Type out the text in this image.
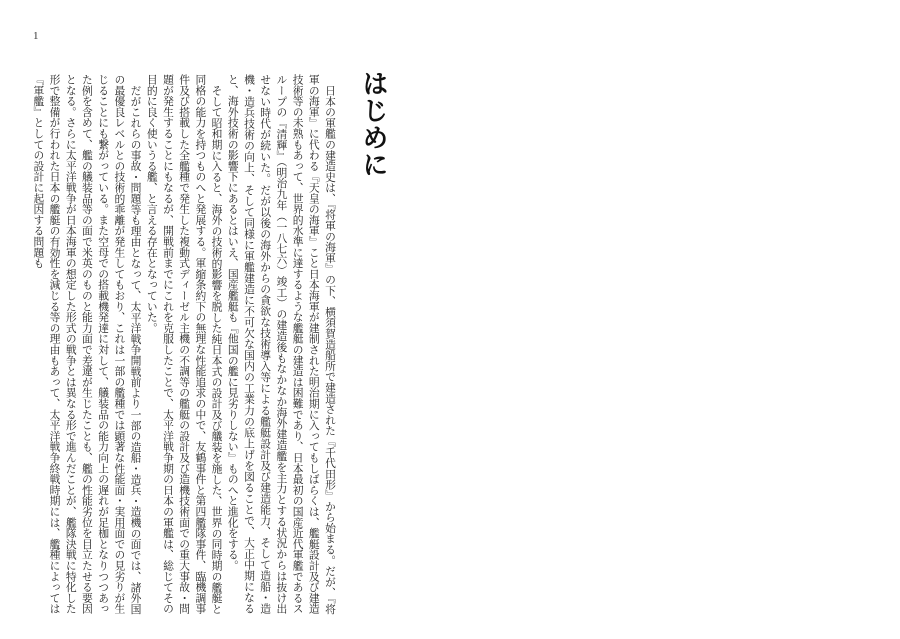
1
はじめに

日本の軍艦の建造史は、『将軍の海軍』の下、横須賀造船所で建造された『千代田形』から始まる。だが、『将軍の海軍』に代わる『天皇の海軍』こと日本海軍が建制された明治期に入ってもしばらくは、艦艇設計及び建造技術等の未熟もあって、世界的水準に達するような艦艇の建造は困難であり、日本最初の国産近代軍艦であるスループの『清輝』（明治九年（一八七六）竣工）の建造後もなかなか海外建造艦を主力とする状況からは抜け出せない時代が続いた。だが以後の海外からの貪欲な技術導入等による艦艇設計及び建造能力、そして造船・造機・造兵技術の向上、そして同様に軍艦建造に不可欠な国内の工業力の底上げを図ることで、大正中期になると、海外技術の影響下にあるとはいえ、国産艦艇も『他国の艦に見劣りしない』ものへと進化をする。

そして昭和期に入ると、海外の技術的影響を脱した純日本式の設計及び艤装を施した、世界の同時期の艦艇と同格の能力を持つものへと発展する。軍縮条約下の無理な性能追求の中で、友鶴事件と第四艦隊事件、臨機調事件及び搭載した全艦種で発生した複動式ディーゼル主機の不調等の艦艇の設計及び造機技術面での重大事故・問題が発生することにもなるが、開戦前までにこれを克服したことで、太平洋戦争期の日本の軍艦は、総じてその目的に良く使いうる艦、と言える存在となっていた。

だがこれらの事故・問題等も理由となって、太平洋戦争開戦前より一部の造船・造兵・造機の面では、諸外国の最優良レベルとの技術的乖離が発生してもおり、これは一部の艦種では顕著な性能面・実用面での見劣りが生じることにも繋がっている。また空母での搭載機発達に対して、艤装品の能力向上の遅れが足枷となりつつあった例を含めて、艦の艤装品等の面で米英のものと能力面で差違が生じたことも、艦の性能劣位を目立たせる要因となる。さらに太平洋戦争が日本海軍の想定した形式の戦争とは異なる形で進んだことが、艦隊決戦に特化した形で整備が行われた日本の艦艇の有効性を減じる等の理由もあって、太平洋戦争終戦時期には、艦種によっては『軍艦』としての設計に起因する問題も
